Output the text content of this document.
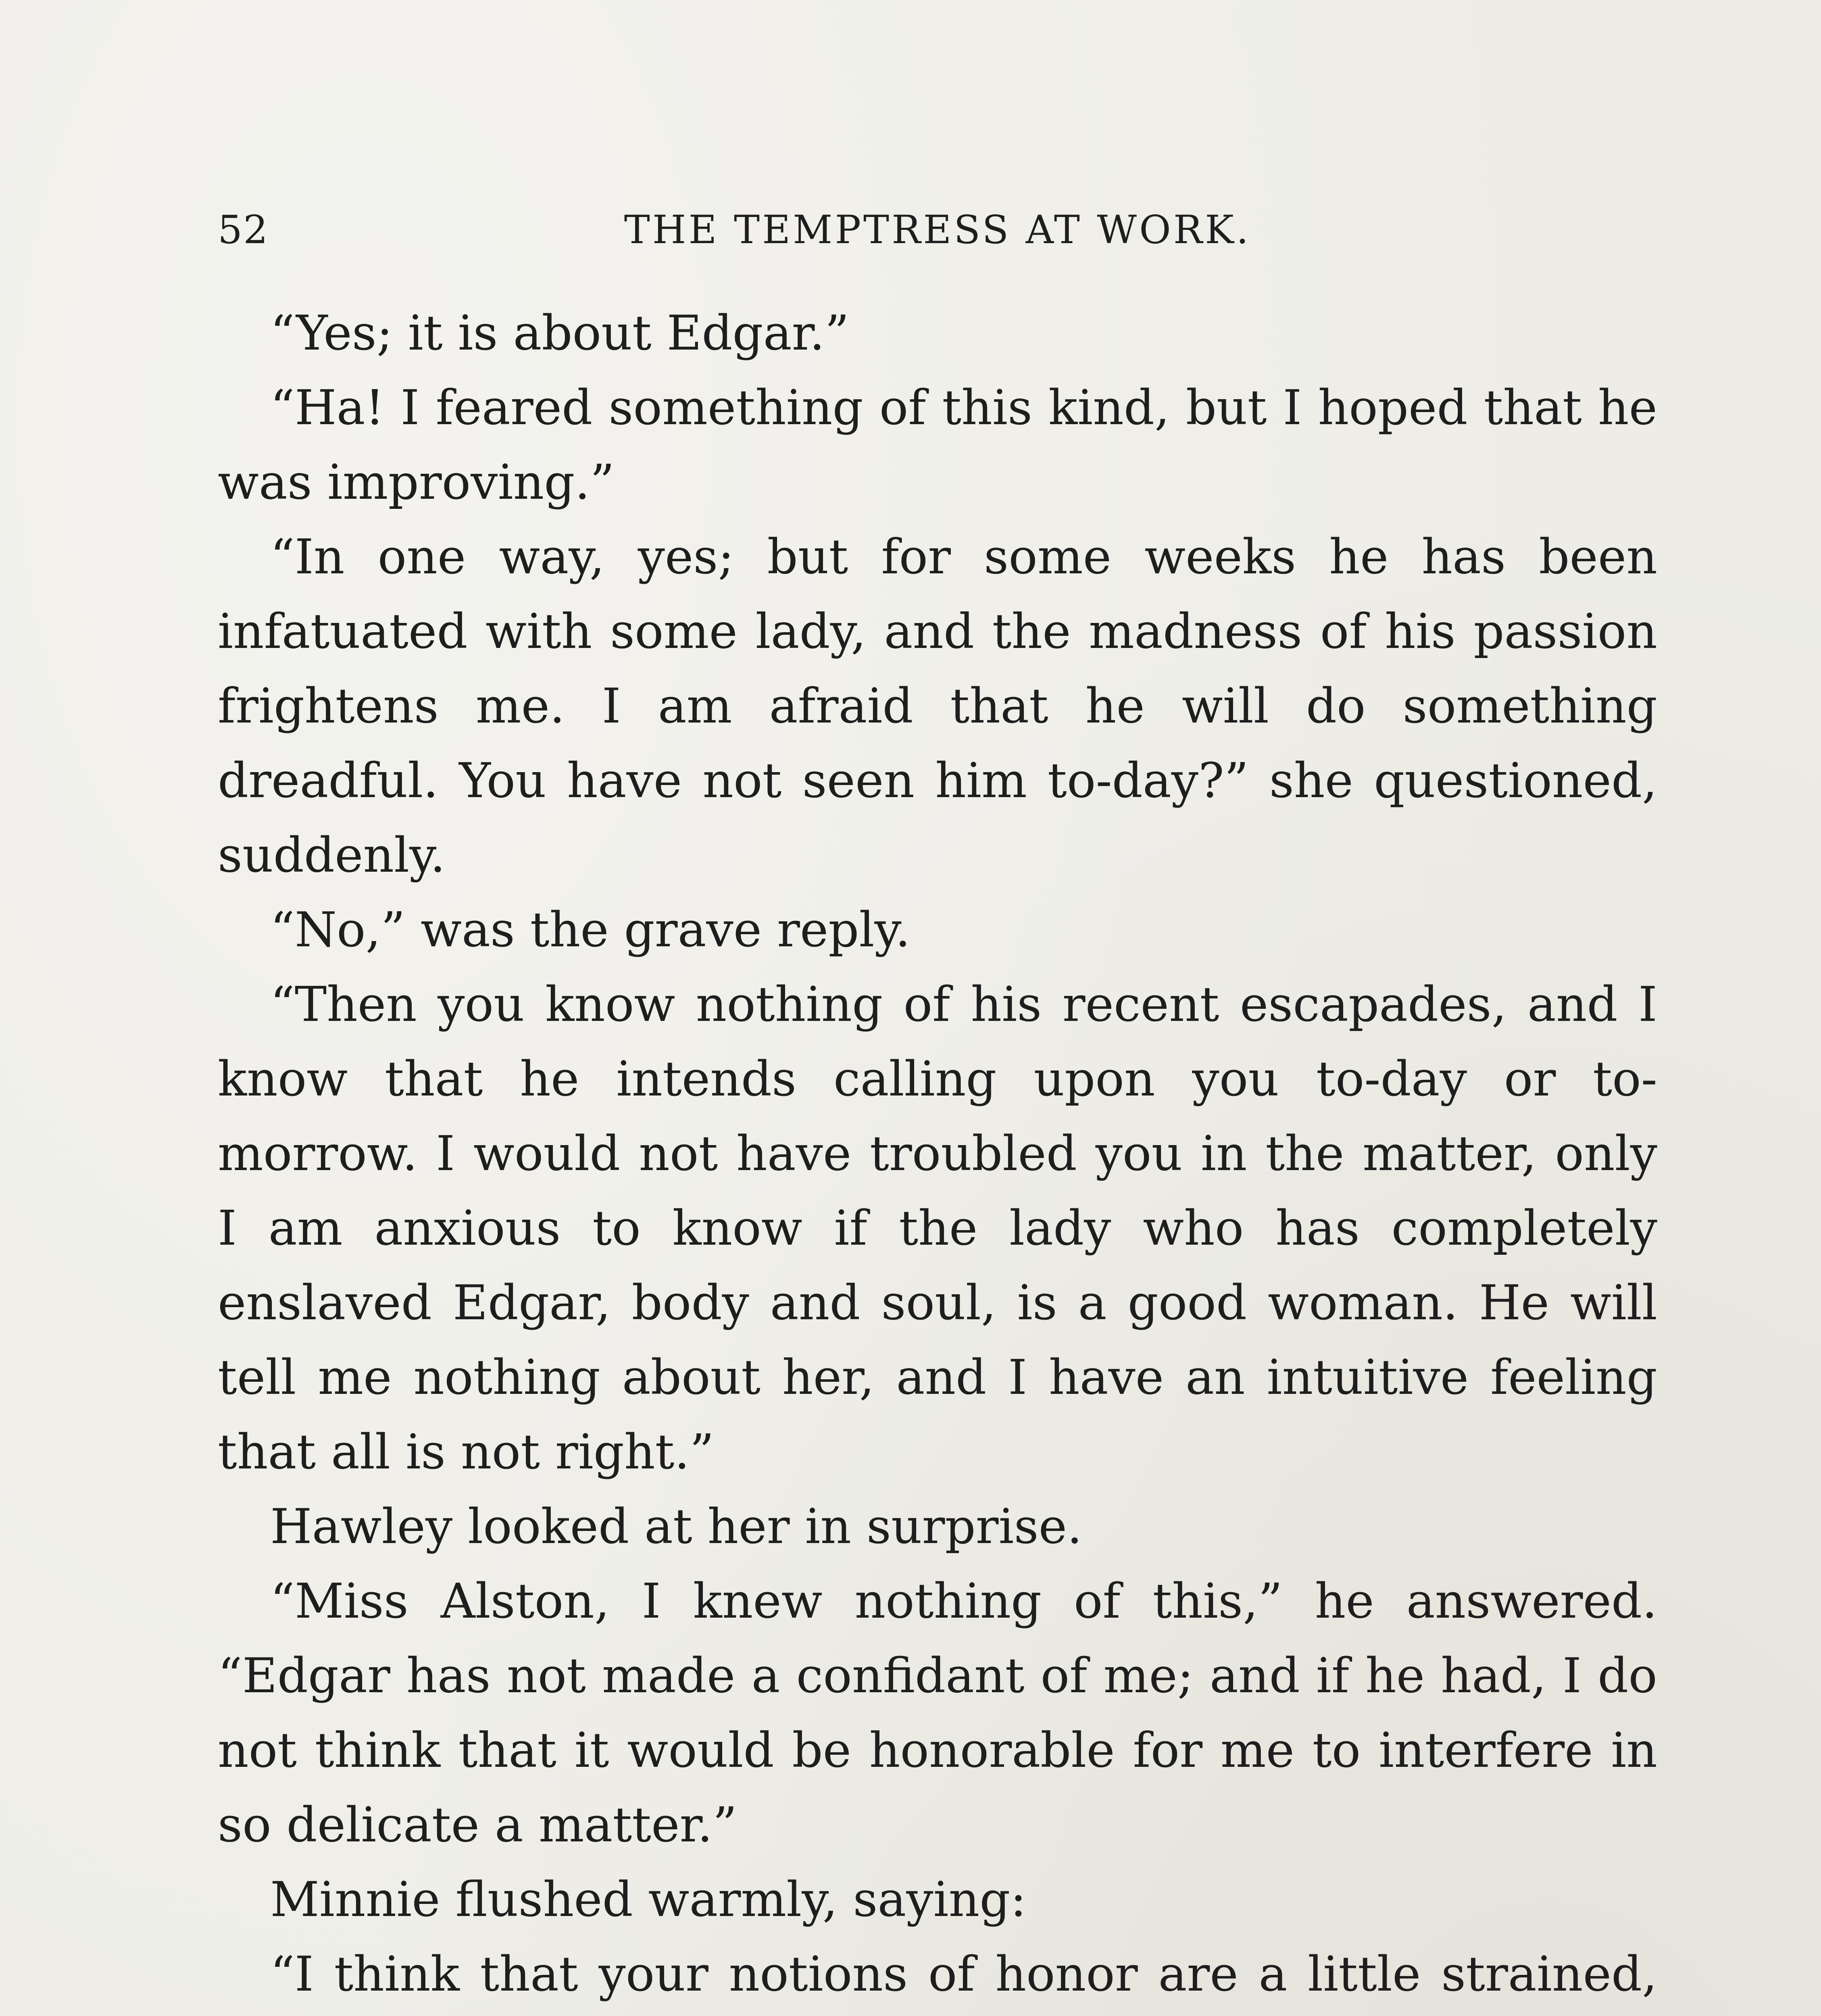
52	THE TEMPTRESS AT WORK.

“Yes; it is about Edgar.”

“Ha! I feared something of this kind, but I hoped that he was improving.”

“In one way, yes; but for some weeks he has been infatuated with some lady, and the madness of his passion frightens me. I am afraid that he will do something dreadful. You have not seen him to-day?” she questioned, suddenly.

“No,” was the grave reply.

“Then you know nothing of his recent escapades, and I know that he intends calling upon you to-day or to-morrow. I would not have troubled you in the matter, only I am anxious to know if the lady who has completely enslaved Edgar, body and soul, is a good woman. He will tell me nothing about her, and I have an intuitive feeling that all is not right.”

Hawley looked at her in surprise.

“Miss Alston, I knew nothing of this,” he answered. “Edgar has not made a confidant of me; and if he had, I do not think that it would be honorable for me to interfere in so delicate a matter.”

Minnie flushed warmly, saying:

“I think that your notions of honor are a little strained,
